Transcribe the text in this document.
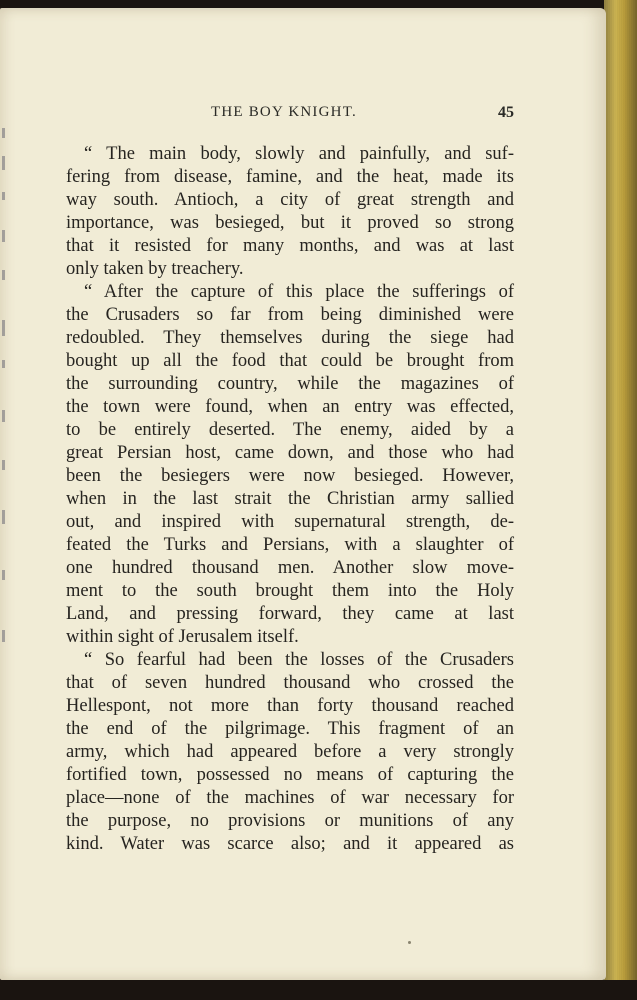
THE BOY KNIGHT.	45
“ The main body, slowly and painfully, and suf-
fering from disease, famine, and the heat, made its
way south. Antioch, a city of great strength and
importance, was besieged, but it proved so strong
that it resisted for many months, and was at last
only taken by treachery.
“ After the capture of this place the sufferings of
the Crusaders so far from being diminished were
redoubled. They themselves during the siege had
bought up all the food that could be brought from
the surrounding country, while the magazines of
the town were found, when an entry was effected,
to be entirely deserted. The enemy, aided by a
great Persian host, came down, and those who had
been the besiegers were now besieged. However,
when in the last strait the Christian army sallied
out, and inspired with supernatural strength, de-
feated the Turks and Persians, with a slaughter of
one hundred thousand men. Another slow move-
ment to the south brought them into the Holy
Land, and pressing forward, they came at last
within sight of Jerusalem itself.
“ So fearful had been the losses of the Crusaders
that of seven hundred thousand who crossed the
Hellespont, not more than forty thousand reached
the end of the pilgrimage. This fragment of an
army, which had appeared before a very strongly
fortified town, possessed no means of capturing the
place—none of the machines of war necessary for
the purpose, no provisions or munitions of any
kind. Water was scarce also; and it appeared as
